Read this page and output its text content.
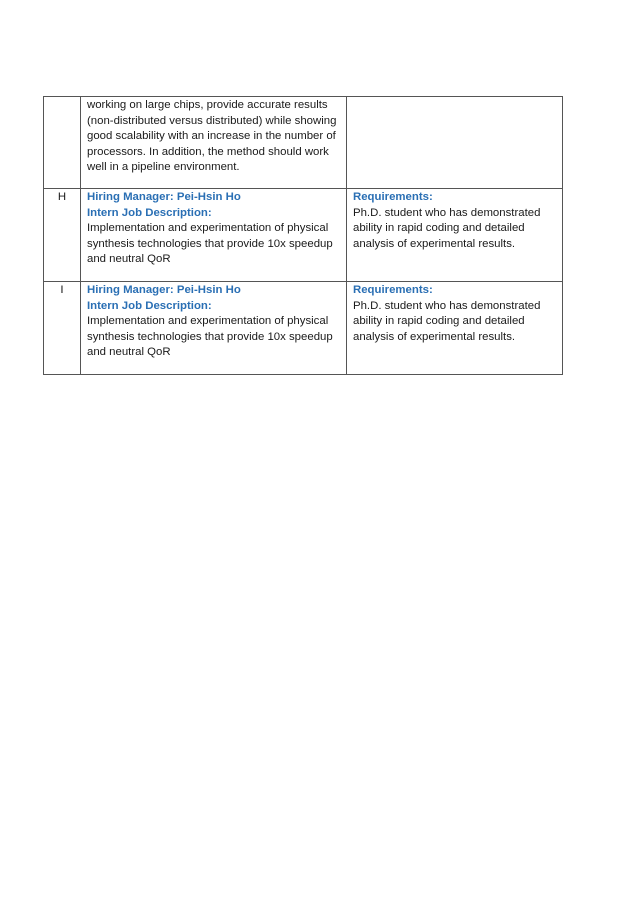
	working on large chips, provide accurate results (non-distributed versus distributed) while showing good scalability with an increase in the number of processors. In addition, the method should work well in a pipeline environment.	

H	Hiring Manager: Pei-Hsin Ho
Intern Job Description:
Implementation and experimentation of physical synthesis technologies that provide 10x speedup and neutral QoR	Requirements:
Ph.D. student who has demonstrated ability in rapid coding and detailed analysis of experimental results.

I	Hiring Manager: Pei-Hsin Ho
Intern Job Description:
Implementation and experimentation of physical synthesis technologies that provide 10x speedup and neutral QoR	Requirements:
Ph.D. student who has demonstrated ability in rapid coding and detailed analysis of experimental results.
